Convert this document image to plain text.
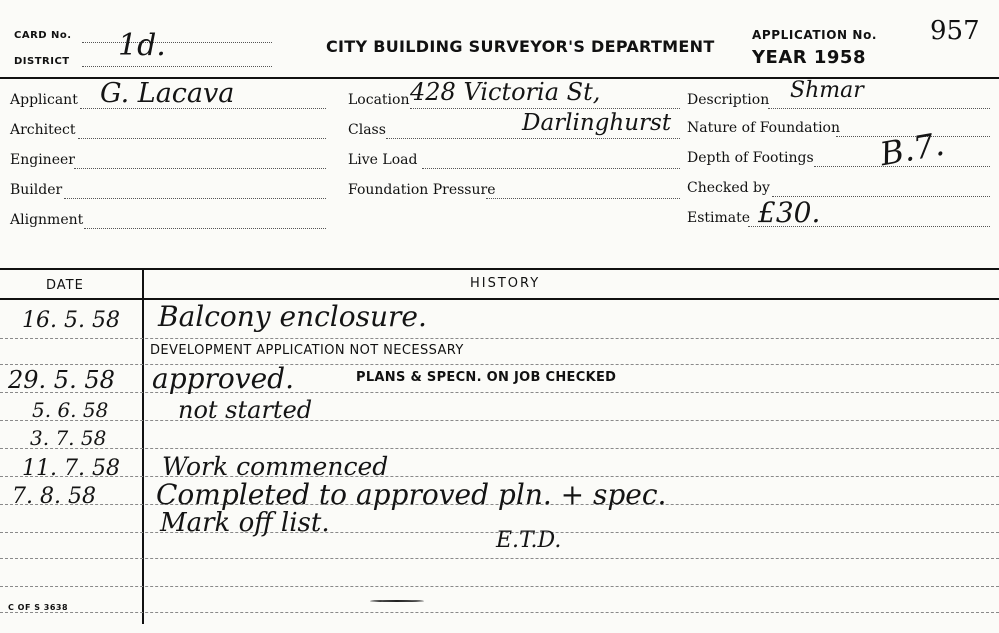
CARD No.
DISTRICT 1d.	CITY BUILDING SURVEYOR'S DEPARTMENT
APPLICATION No.
YEAR 1958
957
Applicant G. Lacava
Architect
Engineer
Builder
Alignment
Location 428 Victoria St,
Class	Darlinghurst
Live Load
Foundation Pressure
Description Shmar
Nature of Foundation
Depth of Footings B.7.
Checked by
Estimate £30.
DATE	HISTORY
16. 5. 58 Balcony enclosure.
DEVELOPMENT APPLICATION NOT NECESSARY
29. 5. 58 approved.	PLANS & SPECN. ON JOB CHECKED
5. 6. 58	not started
3. 7. 58
11. 7. 58 Work commenced
7. 8. 58 Completed to approved pln. + spec.
Mark off list.
E.T.D.
C OF S 3638
